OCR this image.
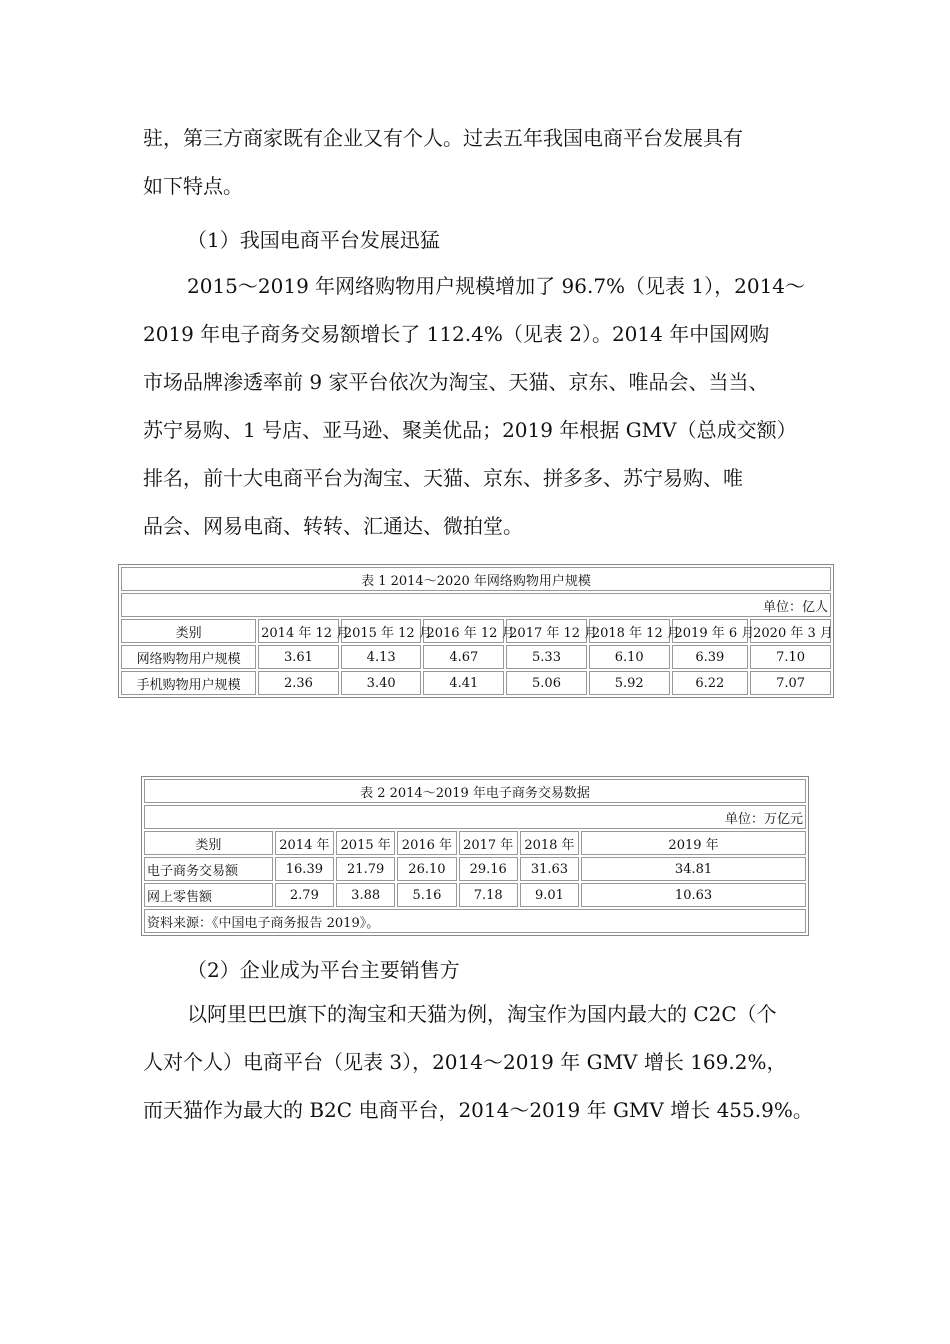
驻，第三方商家既有企业又有个人。过去五年我国电商平台发展具有
如下特点。
（1）我国电商平台发展迅猛
2015～2019 年网络购物用户规模增加了 96.7%（见表 1），2014～
2019 年电子商务交易额增长了 112.4%（见表 2）。2014 年中国网购
市场品牌渗透率前 9 家平台依次为淘宝、天猫、京东、唯品会、当当、
苏宁易购、1 号店、亚马逊、聚美优品；2019 年根据 GMV（总成交额）
排名，前十大电商平台为淘宝、天猫、京东、拼多多、苏宁易购、唯
品会、网易电商、转转、汇通达、微拍堂。
表 1 2014～2020 年网络购物用户规模							
单位：亿人							
类别	2014 年 12 月	2015 年 12 月	2016 年 12 月	2017 年 12 月	2018 年 12 月	2019 年 6 月	2020 年 3 月
网络购物用户规模	3.61	4.13	4.67	5.33	6.10	6.39	7.10
手机购物用户规模	2.36	3.40	4.41	5.06	5.92	6.22	7.07
表 2 2014～2019 年电子商务交易数据						
单位：万亿元						
类别	2014 年	2015 年	2016 年	2017 年	2018 年	2019 年
电子商务交易额	16.39	21.79	26.10	29.16	31.63	34.81
网上零售额	2.79	3.88	5.16	7.18	9.01	10.63
资料来源：《中国电子商务报告 2019》。						
（2）企业成为平台主要销售方
以阿里巴巴旗下的淘宝和天猫为例，淘宝作为国内最大的 C2C（个
人对个人）电商平台（见表 3），2014～2019 年 GMV 增长 169.2%，
而天猫作为最大的 B2C 电商平台，2014～2019 年 GMV 增长 455.9%。
